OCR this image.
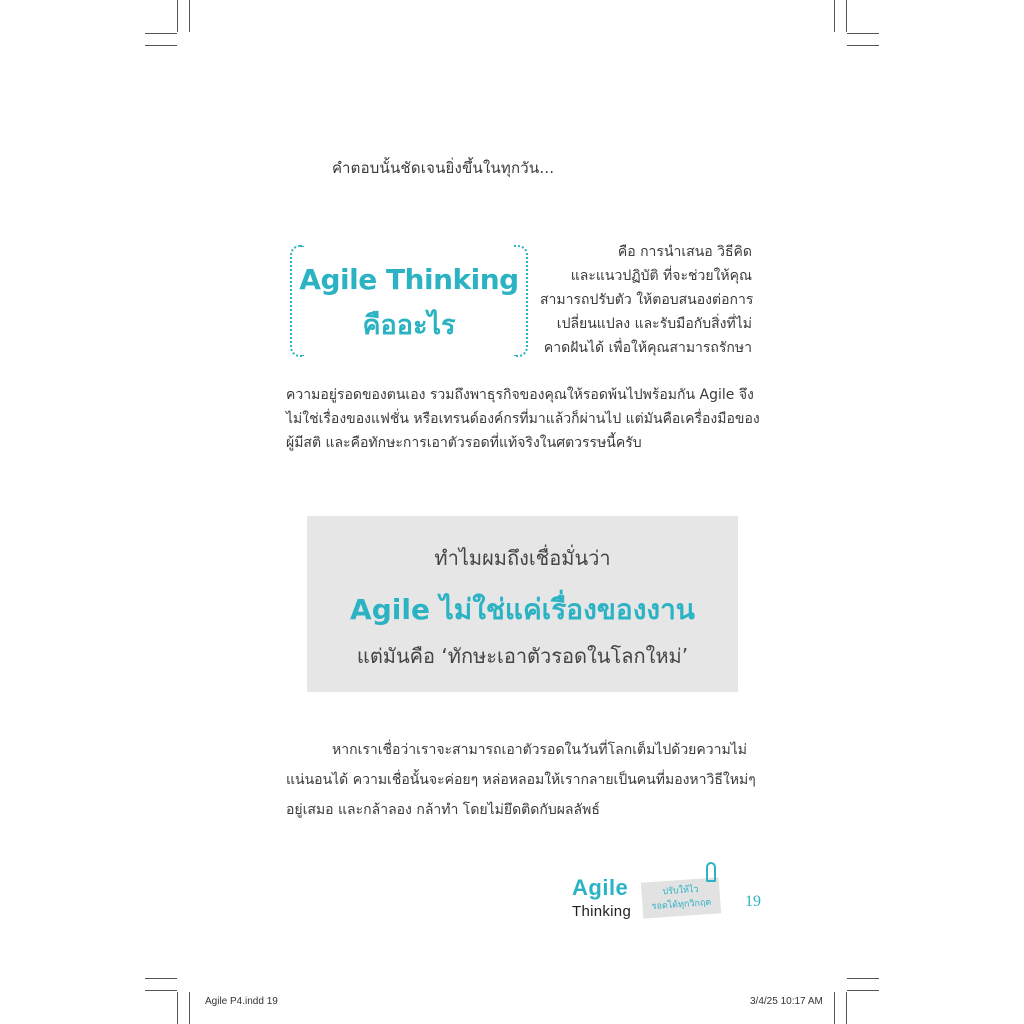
คำตอบนั้นชัดเจนยิ่งขึ้นในทุกวัน...
Agile Thinking
คืออะไร
คือ การนำเสนอ วิธีคิด
และแนวปฏิบัติ ที่จะช่วยให้คุณ
สามารถปรับตัว ให้ตอบสนองต่อการ
เปลี่ยนแปลง และรับมือกับสิ่งที่ไม่
คาดฝันได้ เพื่อให้คุณสามารถรักษา
ความอยู่รอดของตนเอง รวมถึงพาธุรกิจของคุณให้รอดพ้นไปพร้อมกัน Agile จึง
ไม่ใช่เรื่องของแฟชั่น หรือเทรนด์องค์กรที่มาแล้วก็ผ่านไป แต่มันคือเครื่องมือของ
ผู้มีสติ และคือทักษะการเอาตัวรอดที่แท้จริงในศตวรรษนี้ครับ
ทำไมผมถึงเชื่อมั่นว่า
Agile ไม่ใช่แค่เรื่องของงาน
แต่มันคือ ‘ทักษะเอาตัวรอดในโลกใหม่’
หากเราเชื่อว่าเราจะสามารถเอาตัวรอดในวันที่โลกเต็มไปด้วยความไม่
แน่นอนได้ ความเชื่อนั้นจะค่อยๆ หล่อหลอมให้เรากลายเป็นคนที่มองหาวิธีใหม่ๆ
อยู่เสมอ และกล้าลอง กล้าทำ โดยไม่ยึดติดกับผลลัพธ์
Agile
Thinking
ปรับให้ไว
รอดได้ทุกวิกฤต	19
Agile P4.indd 19	3/4/25 10:17 AM
